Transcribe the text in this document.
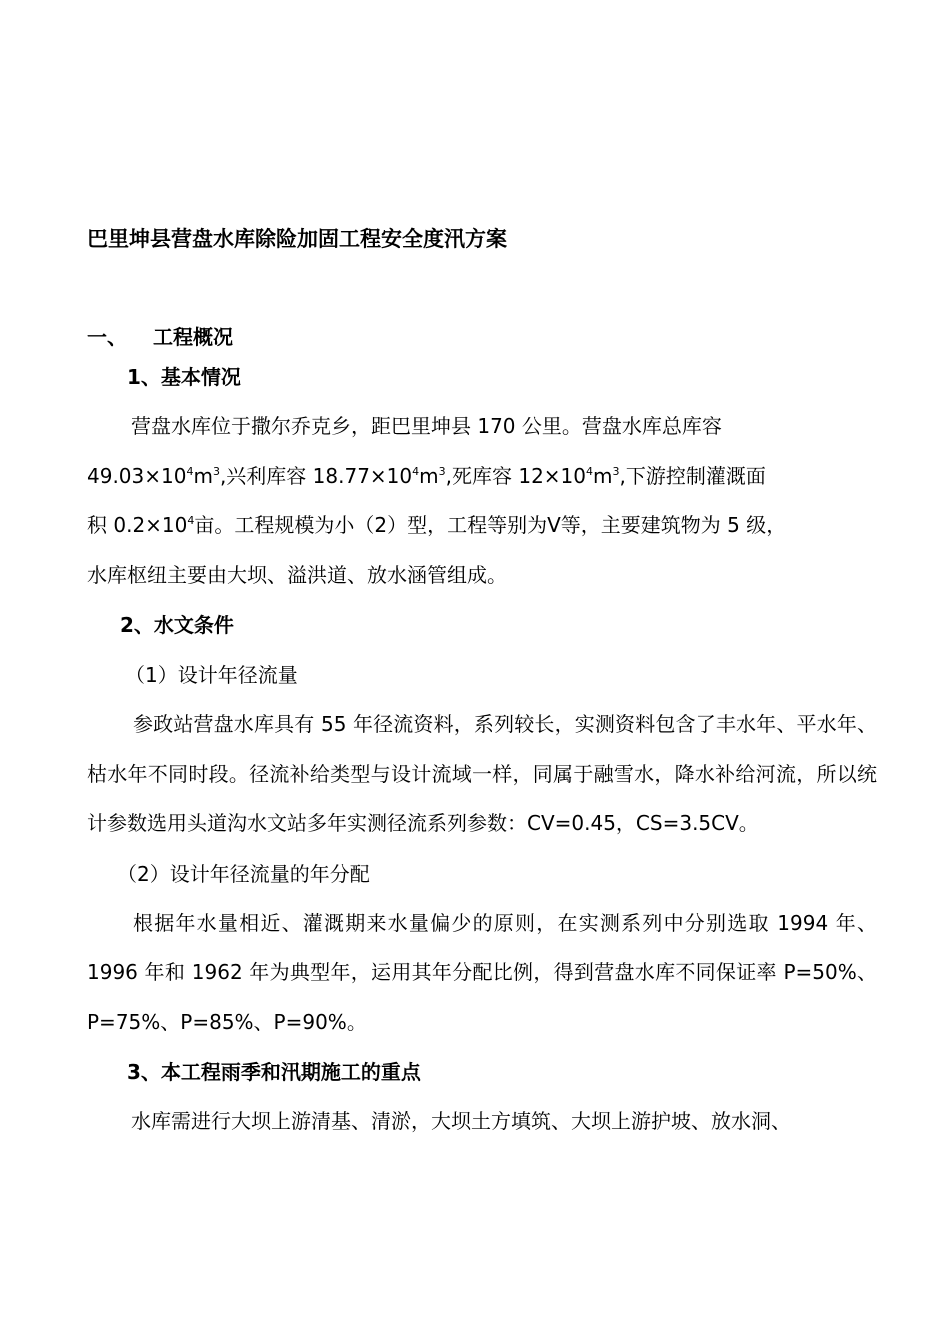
巴里坤县营盘水库除险加固工程安全度汛方案
一、	工程概况
1、基本情况

营盘水库位于撒尔乔克乡，距巴里坤县 170 公里。营盘水库总库容
$49.03\times 10^4m^3$,兴利库容 $18.77\times 10^4m^3$,死库容 $12\times 10^4m^3$,下游控制灌溉面
积 $0.2\times 10^4$亩。工程规模为小（2）型，工程等别为Ⅴ等，主要建筑物为 5 级，
水库枢纽主要由大坝、溢洪道、放水涵管组成。

2、水文条件
（1）设计年径流量

参政站营盘水库具有 55 年径流资料，系列较长，实测资料包含了丰水年、平水年、枯水年不同时段。径流补给类型与设计流域一样，同属于融雪水，降水补给河流，所以统计参数选用头道沟水文站多年实测径流系列参数：CV=0.45，CS=3.5CV。

（2）设计年径流量的年分配

根据年水量相近、灌溉期来水量偏少的原则，在实测系列中分别选取 1994 年、1996 年和 1962 年为典型年，运用其年分配比例，得到营盘水库不同保证率 P=50%、P=75%、P=85%、P=90%。

3、本工程雨季和汛期施工的重点

水库需进行大坝上游清基、清淤，大坝土方填筑、大坝上游护坡、放水洞、
